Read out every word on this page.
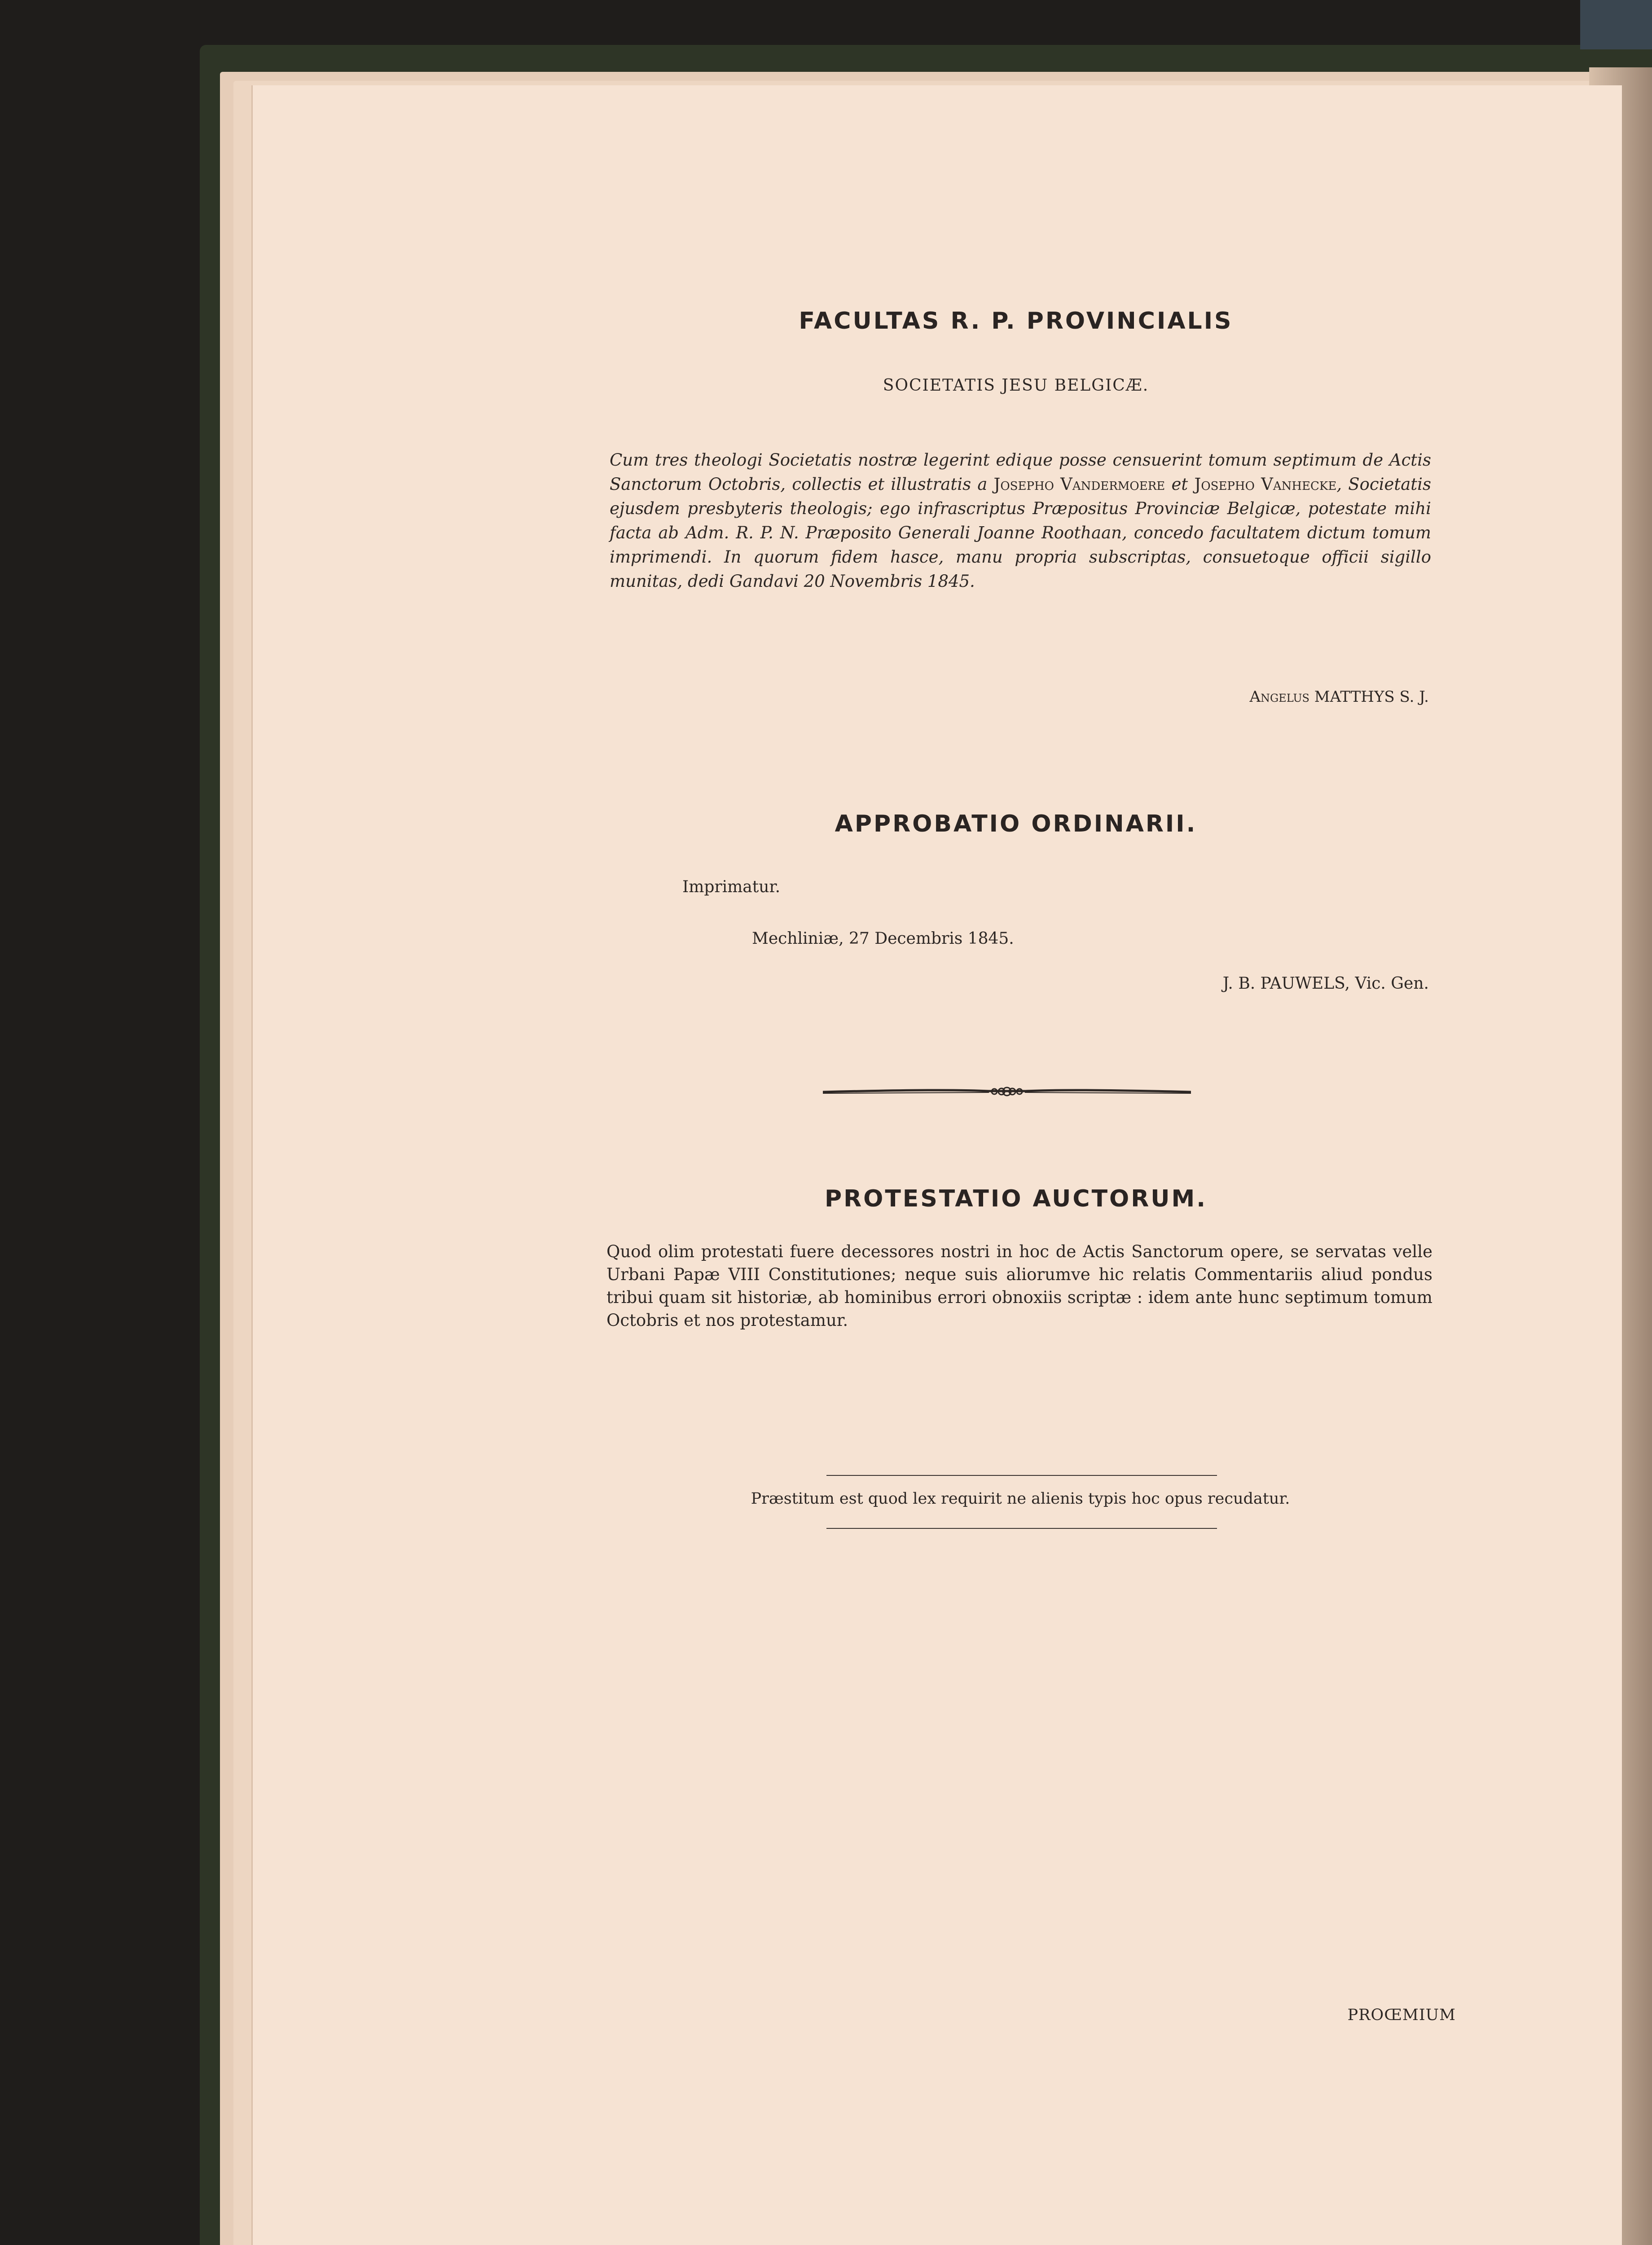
FACULTAS R. P. PROVINCIALIS
SOCIETATIS JESU BELGICÆ.
Cum tres theologi Societatis nostræ legerint edique posse censuerint tomum septimum de Actis Sanctorum Octobris, collectis et illustratis a Josepho Vandermoere et Josepho Vanhecke, Societatis ejusdem presbyteris theologis; ego infrascriptus Præpositus Provinciæ Belgicæ, potestate mihi facta ab Adm. R. P. N. Præposito Generali Joanne Roothaan, concedo facultatem dictum tomum imprimendi. In quorum fidem hasce, manu propria subscriptas, consuetoque officii sigillo munitas, dedi Gandavi 20 Novembris 1845.
Angelus MATTHYS S. J.
APPROBATIO ORDINARII.
Imprimatur.
Mechliniæ, 27 Decembris 1845.
J. B. PAUWELS, Vic. Gen.
PROTESTATIO AUCTORUM.
Quod olim protestati fuere decessores nostri in hoc de Actis Sanctorum opere, se servatas velle Urbani Papæ VIII Constitutiones; neque suis aliorumve hic relatis Commentariis aliud pondus tribui quam sit historiæ, ab hominibus errori obnoxiis scriptæ : idem ante hunc septimum tomum Octobris et nos protestamur.
Præstitum est quod lex requirit ne alienis typis hoc opus recudatur.
PROŒMIUM
